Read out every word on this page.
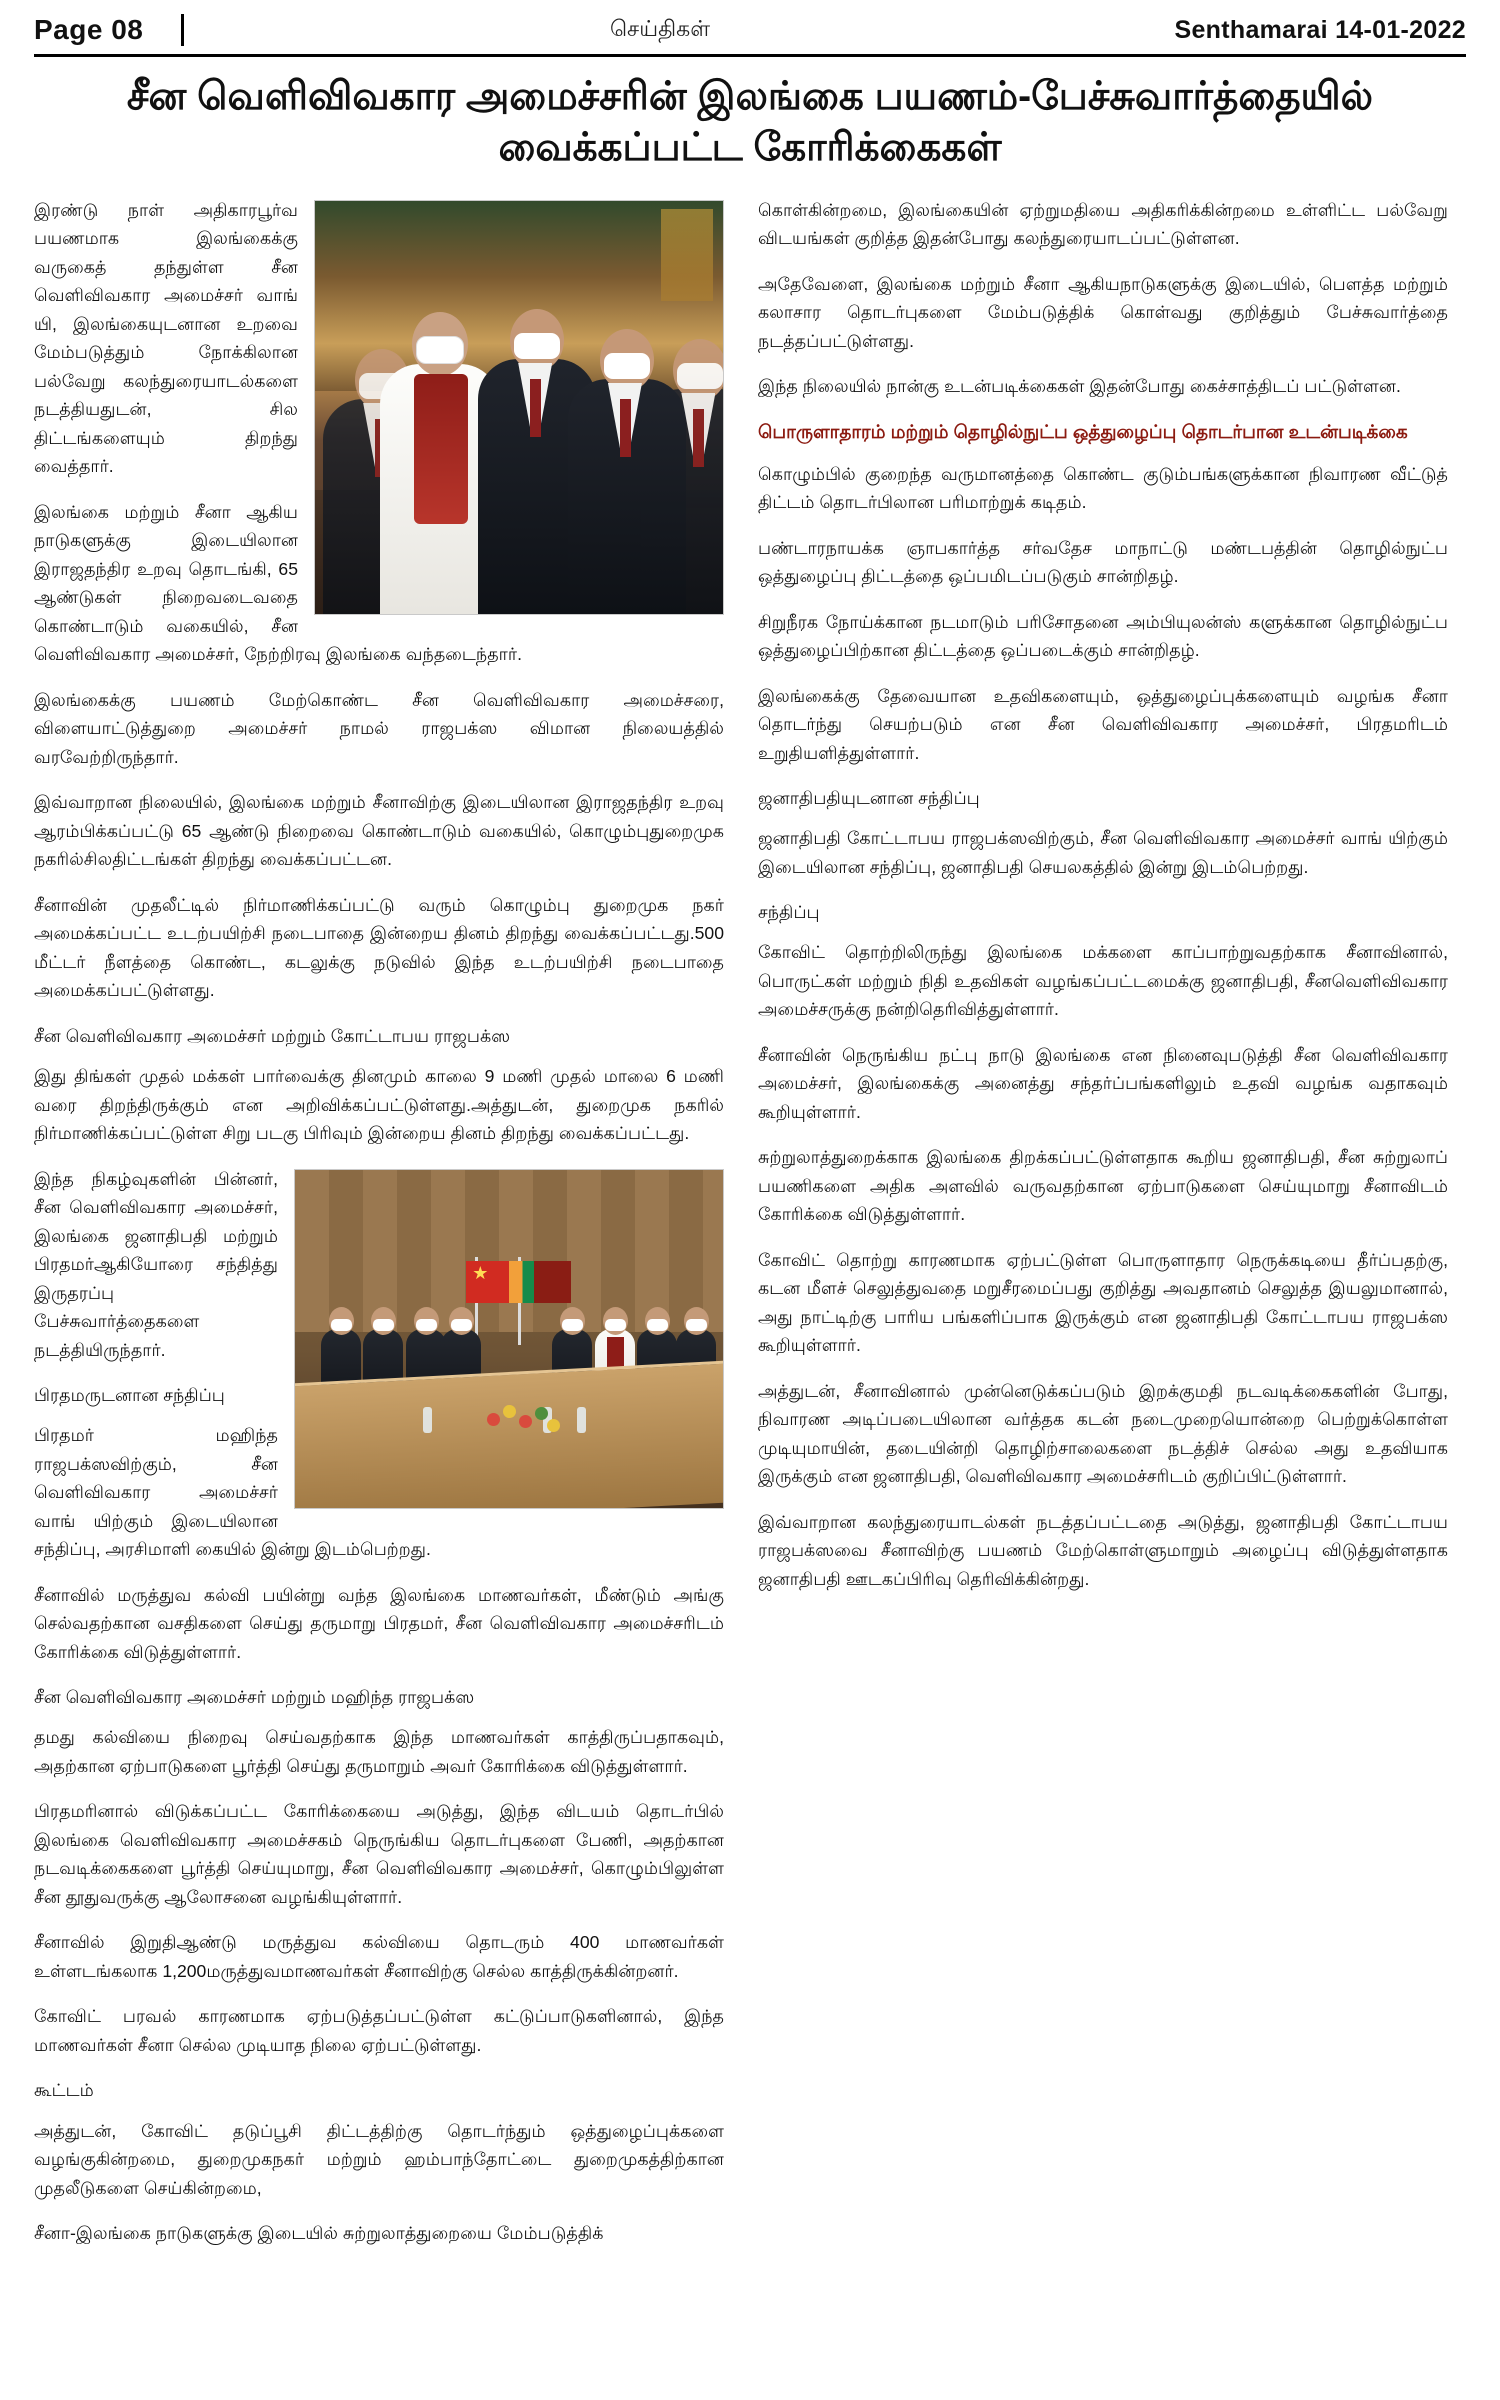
Page 08	செய்திகள்	Senthamarai 14-01-2022
சீன வெளிவிவகார அமைச்சரின் இலங்கை பயணம்-பேச்சுவார்த்தையில் வைக்கப்பட்ட கோரிக்கைகள்

இரண்டு நாள் அதிகாரபூர்வ பயணமாக இலங்கைக்கு வருகைத் தந்துள்ள சீன வெளிவிவகார அமைச்சர் வாங் யி, இலங்கையுடனான உறவை மேம்படுத்தும் நோக்கிலான பல்வேறு கலந்துரையாடல்களை நடத்தியதுடன், சில திட்டங்களையும் திறந்து வைத்தார்.

இலங்கை மற்றும் சீனா ஆகிய நாடுகளுக்கு இடையிலான இராஜதந்திர உறவு தொடங்கி, 65 ஆண்டுகள் நிறைவடைவதை கொண்டாடும் வகையில், சீன வெளிவிவகார அமைச்சர், நேற்றிரவு இலங்கை வந்தடைந்தார்.

இலங்கைக்கு பயணம் மேற்கொண்ட சீன வெளிவிவகார அமைச்சரை, விளையாட்டுத்துறை அமைச்சர் நாமல் ராஜபக்ஸ விமான நிலையத்தில் வரவேற்றிருந்தார்.

இவ்வாறான நிலையில், இலங்கை மற்றும் சீனாவிற்கு இடையிலான இராஜதந்திர உறவு ஆரம்பிக்கப்பட்டு 65 ஆண்டு நிறைவை கொண்டாடும் வகையில், கொழும்புதுறைமுக நகரில்சிலதிட்டங்கள் திறந்து வைக்கப்பட்டன.

சீனாவின் முதலீட்டில் நிர்மாணிக்கப்பட்டு வரும் கொழும்பு துறைமுக நகர் அமைக்கப்பட்ட உடற்பயிற்சி நடைபாதை இன்றைய தினம் திறந்து வைக்கப்பட்டது.500 மீட்டர் நீளத்தை கொண்ட, கடலுக்கு நடுவில் இந்த உடற்பயிற்சி நடைபாதை அமைக்கப்பட்டுள்ளது.

சீன வெளிவிவகார அமைச்சர் மற்றும் கோட்டாபய ராஜபக்ஸ

இது திங்கள் முதல் மக்கள் பார்வைக்கு தினமும் காலை 9 மணி முதல் மாலை 6 மணி வரை திறந்திருக்கும் என அறிவிக்கப்பட்டுள்ளது.அத்துடன், துறைமுக நகரில் நிர்மாணிக்கப்பட்டுள்ள சிறு படகு பிரிவும் இன்றைய தினம் திறந்து வைக்கப்பட்டது.

★

இந்த நிகழ்வுகளின் பின்னர், சீன வெளிவிவகார அமைச்சர், இலங்கை ஜனாதிபதி மற்றும் பிரதமர்ஆகியோரை சந்தித்து இருதரப்பு பேச்சுவார்த்தைகளை நடத்தியிருந்தார்.

பிரதமருடனான சந்திப்பு

பிரதமர் மஹிந்த ராஜபக்ஸவிற்கும், சீன வெளிவிவகார அமைச்சர் வாங் யிற்கும் இடையிலான சந்திப்பு, அரசிமாளி கையில் இன்று இடம்பெற்றது.

சீனாவில் மருத்துவ கல்வி பயின்று வந்த இலங்கை மாணவர்கள், மீண்டும் அங்கு செல்வதற்கான வசதிகளை செய்து தருமாறு பிரதமர், சீன வெளிவிவகார அமைச்சரிடம் கோரிக்கை விடுத்துள்ளார்.

சீன வெளிவிவகார அமைச்சர் மற்றும் மஹிந்த ராஜபக்ஸ

தமது கல்வியை நிறைவு செய்வதற்காக இந்த மாணவர்கள் காத்திருப்பதாகவும், அதற்கான ஏற்பாடுகளை பூர்த்தி செய்து தருமாறும் அவர் கோரிக்கை விடுத்துள்ளார்.

பிரதமரினால் விடுக்கப்பட்ட கோரிக்கையை அடுத்து, இந்த விடயம் தொடர்பில் இலங்கை வெளிவிவகார அமைச்சகம் நெருங்கிய தொடர்புகளை பேணி, அதற்கான நடவடிக்கைகளை பூர்த்தி செய்யுமாறு, சீன வெளிவிவகார அமைச்சர், கொழும்பிலுள்ள சீன தூதுவருக்கு ஆலோசனை வழங்கியுள்ளார்.

சீனாவில் இறுதிஆண்டு மருத்துவ கல்வியை தொடரும் 400 மாணவர்கள் உள்ளடங்கலாக 1,200மருத்துவமாணவர்கள் சீனாவிற்கு செல்ல காத்திருக்கின்றனர்.

கோவிட் பரவல் காரணமாக ஏற்படுத்தப்பட்டுள்ள கட்டுப்பாடுகளினால், இந்த மாணவர்கள் சீனா செல்ல முடியாத நிலை ஏற்பட்டுள்ளது.

கூட்டம்

அத்துடன், கோவிட் தடுப்பூசி திட்டத்திற்கு தொடர்ந்தும் ஒத்துழைப்புக்களை வழங்குகின்றமை, துறைமுகநகர் மற்றும் ஹம்பாந்தோட்டை துறைமுகத்திற்கான முதலீடுகளை செய்கின்றமை,

சீனா-இலங்கை நாடுகளுக்கு இடையில் சுற்றுலாத்துறையை மேம்படுத்திக்

கொள்கின்றமை, இலங்கையின் ஏற்றுமதியை அதிகரிக்கின்றமை உள்ளிட்ட பல்வேறு விடயங்கள் குறித்த இதன்போது கலந்துரையாடப்பட்டுள்ளன.

அதேவேளை, இலங்கை மற்றும் சீனா ஆகியநாடுகளுக்கு இடையில், பௌத்த மற்றும் கலாசார தொடர்புகளை மேம்படுத்திக் கொள்வது குறித்தும் பேச்சுவார்த்தை நடத்தப்பட்டுள்ளது.

இந்த நிலையில் நான்கு உடன்படிக்கைகள் இதன்போது கைச்சாத்திடப் பட்டுள்ளன.

பொருளாதாரம் மற்றும் தொழில்நுட்ப ஒத்துழைப்பு தொடர்பான உடன்படிக்கை

கொழும்பில் குறைந்த வருமானத்தை கொண்ட குடும்பங்களுக்கான நிவாரண வீட்டுத் திட்டம் தொடர்பிலான பரிமாற்றுக் கடிதம்.

பண்டாரநாயக்க ஞாபகார்த்த சர்வதேச மாநாட்டு மண்டபத்தின் தொழில்நுட்ப ஒத்துழைப்பு திட்டத்தை ஒப்பமிடப்படுகும் சான்றிதழ்.

சிறுநீரக நோய்க்கான நடமாடும் பரிசோதனை அம்பியுலன்ஸ் களுக்கான தொழில்நுட்ப ஒத்துழைப்பிற்கான திட்டத்தை ஒப்படைக்கும் சான்றிதழ்.

இலங்கைக்கு தேவையான உதவிகளையும், ஒத்துழைப்புக்களையும் வழங்க சீனா தொடர்ந்து செயற்படும் என சீன வெளிவிவகார அமைச்சர், பிரதமரிடம் உறுதியளித்துள்ளார்.

ஜனாதிபதியுடனான சந்திப்பு

ஜனாதிபதி கோட்டாபய ராஜபக்ஸவிற்கும், சீன வெளிவிவகார அமைச்சர் வாங் யிற்கும் இடையிலான சந்திப்பு, ஜனாதிபதி செயலகத்தில் இன்று இடம்பெற்றது.

சந்திப்பு

கோவிட் தொற்றிலிருந்து இலங்கை மக்களை காப்பாற்றுவதற்காக சீனாவினால், பொருட்கள் மற்றும் நிதி உதவிகள் வழங்கப்பட்டமைக்கு ஜனாதிபதி, சீனவெளிவிவகார அமைச்சருக்கு நன்றிதெரிவித்துள்ளார்.

சீனாவின் நெருங்கிய நட்பு நாடு இலங்கை என நினைவுபடுத்தி சீன வெளிவிவகார அமைச்சர், இலங்கைக்கு அனைத்து சந்தர்ப்பங்களிலும் உதவி வழங்க வதாகவும் கூறியுள்ளார்.

சுற்றுலாத்துறைக்காக இலங்கை திறக்கப்பட்டுள்ளதாக கூறிய ஜனாதிபதி, சீன சுற்றுலாப் பயணிகளை அதிக அளவில் வருவதற்கான ஏற்பாடுகளை செய்யுமாறு சீனாவிடம் கோரிக்கை விடுத்துள்ளார்.

கோவிட் தொற்று காரணமாக ஏற்பட்டுள்ள பொருளாதார நெருக்கடியை தீர்ப்பதற்கு, கடன மீளச் செலுத்துவதை மறுசீரமைப்பது குறித்து அவதானம் செலுத்த இயலுமானால், அது நாட்டிற்கு பாரிய பங்களிப்பாக இருக்கும் என ஜனாதிபதி கோட்டாபய ராஜபக்ஸ கூறியுள்ளார்.

அத்துடன், சீனாவினால் முன்னெடுக்கப்படும் இறக்குமதி நடவடிக்கைகளின் போது, நிவாரண அடிப்படையிலான வர்த்தக கடன் நடைமுறையொன்றை பெற்றுக்கொள்ள முடியுமாயின், தடையின்றி தொழிற்சாலைகளை நடத்திச் செல்ல அது உதவியாக இருக்கும் என ஜனாதிபதி, வெளிவிவகார அமைச்சரிடம் குறிப்பிட்டுள்ளார்.

இவ்வாறான கலந்துரையாடல்கள் நடத்தப்பட்டதை அடுத்து, ஜனாதிபதி கோட்டாபய ராஜபக்ஸவை சீனாவிற்கு பயணம் மேற்கொள்ளுமாறும் அழைப்பு விடுத்துள்ளதாக ஜனாதிபதி ஊடகப்பிரிவு தெரிவிக்கின்றது.
